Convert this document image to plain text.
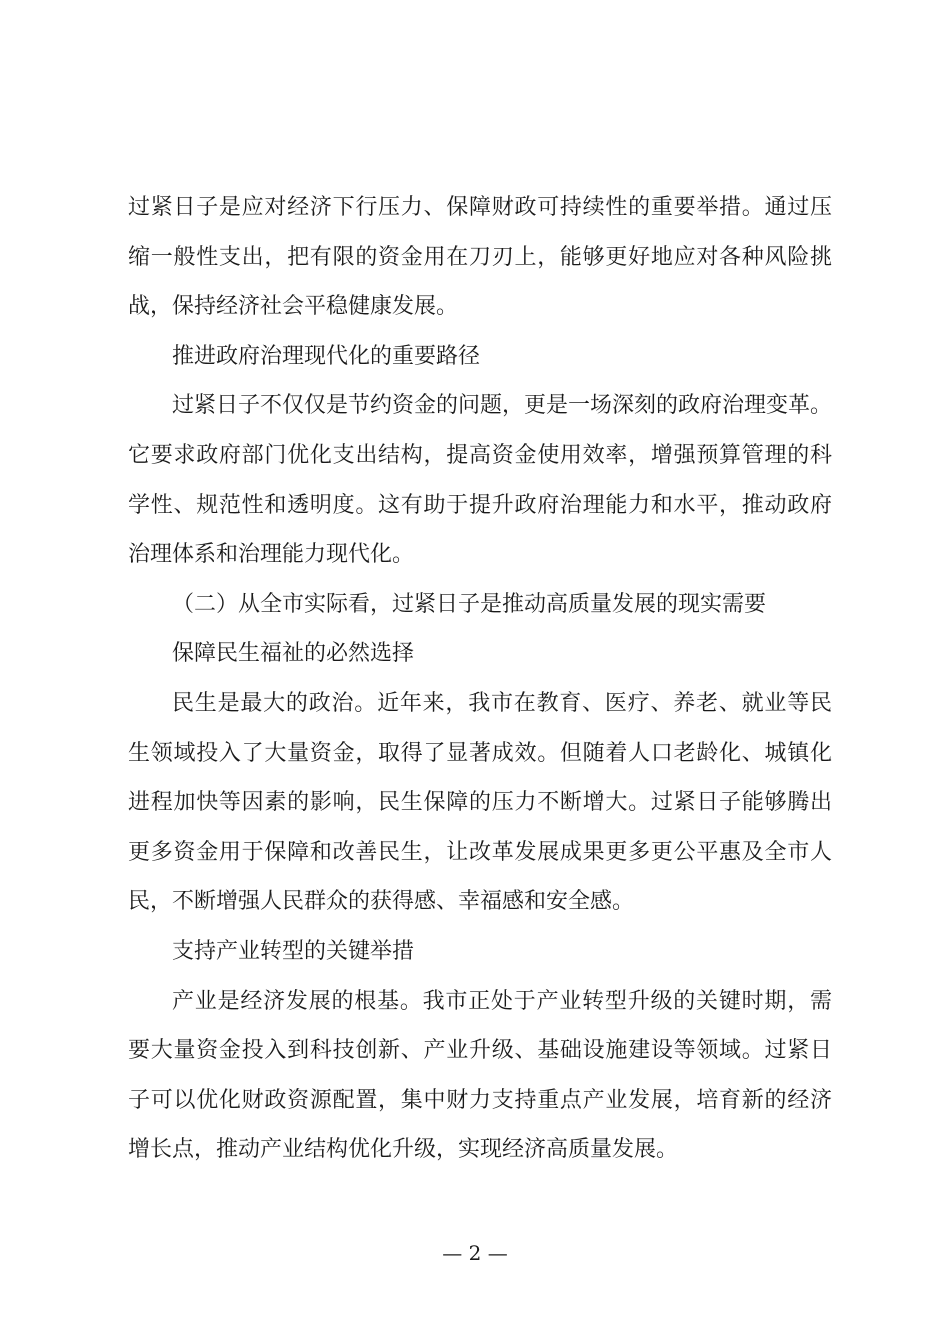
过紧日子是应对经济下行压力、保障财政可持续性的重要举措。通过压
缩一般性支出，把有限的资金用在刀刃上，能够更好地应对各种风险挑
战，保持经济社会平稳健康发展。
推进政府治理现代化的重要路径
过紧日子不仅仅是节约资金的问题，更是一场深刻的政府治理变革。
它要求政府部门优化支出结构，提高资金使用效率，增强预算管理的科
学性、规范性和透明度。这有助于提升政府治理能力和水平，推动政府
治理体系和治理能力现代化。
（二）从全市实际看，过紧日子是推动高质量发展的现实需要
保障民生福祉的必然选择
民生是最大的政治。近年来，我市在教育、医疗、养老、就业等民
生领域投入了大量资金，取得了显著成效。但随着人口老龄化、城镇化
进程加快等因素的影响，民生保障的压力不断增大。过紧日子能够腾出
更多资金用于保障和改善民生，让改革发展成果更多更公平惠及全市人
民，不断增强人民群众的获得感、幸福感和安全感。
支持产业转型的关键举措
产业是经济发展的根基。我市正处于产业转型升级的关键时期，需
要大量资金投入到科技创新、产业升级、基础设施建设等领域。过紧日
子可以优化财政资源配置，集中财力支持重点产业发展，培育新的经济
增长点，推动产业结构优化升级，实现经济高质量发展。
— 2 —
